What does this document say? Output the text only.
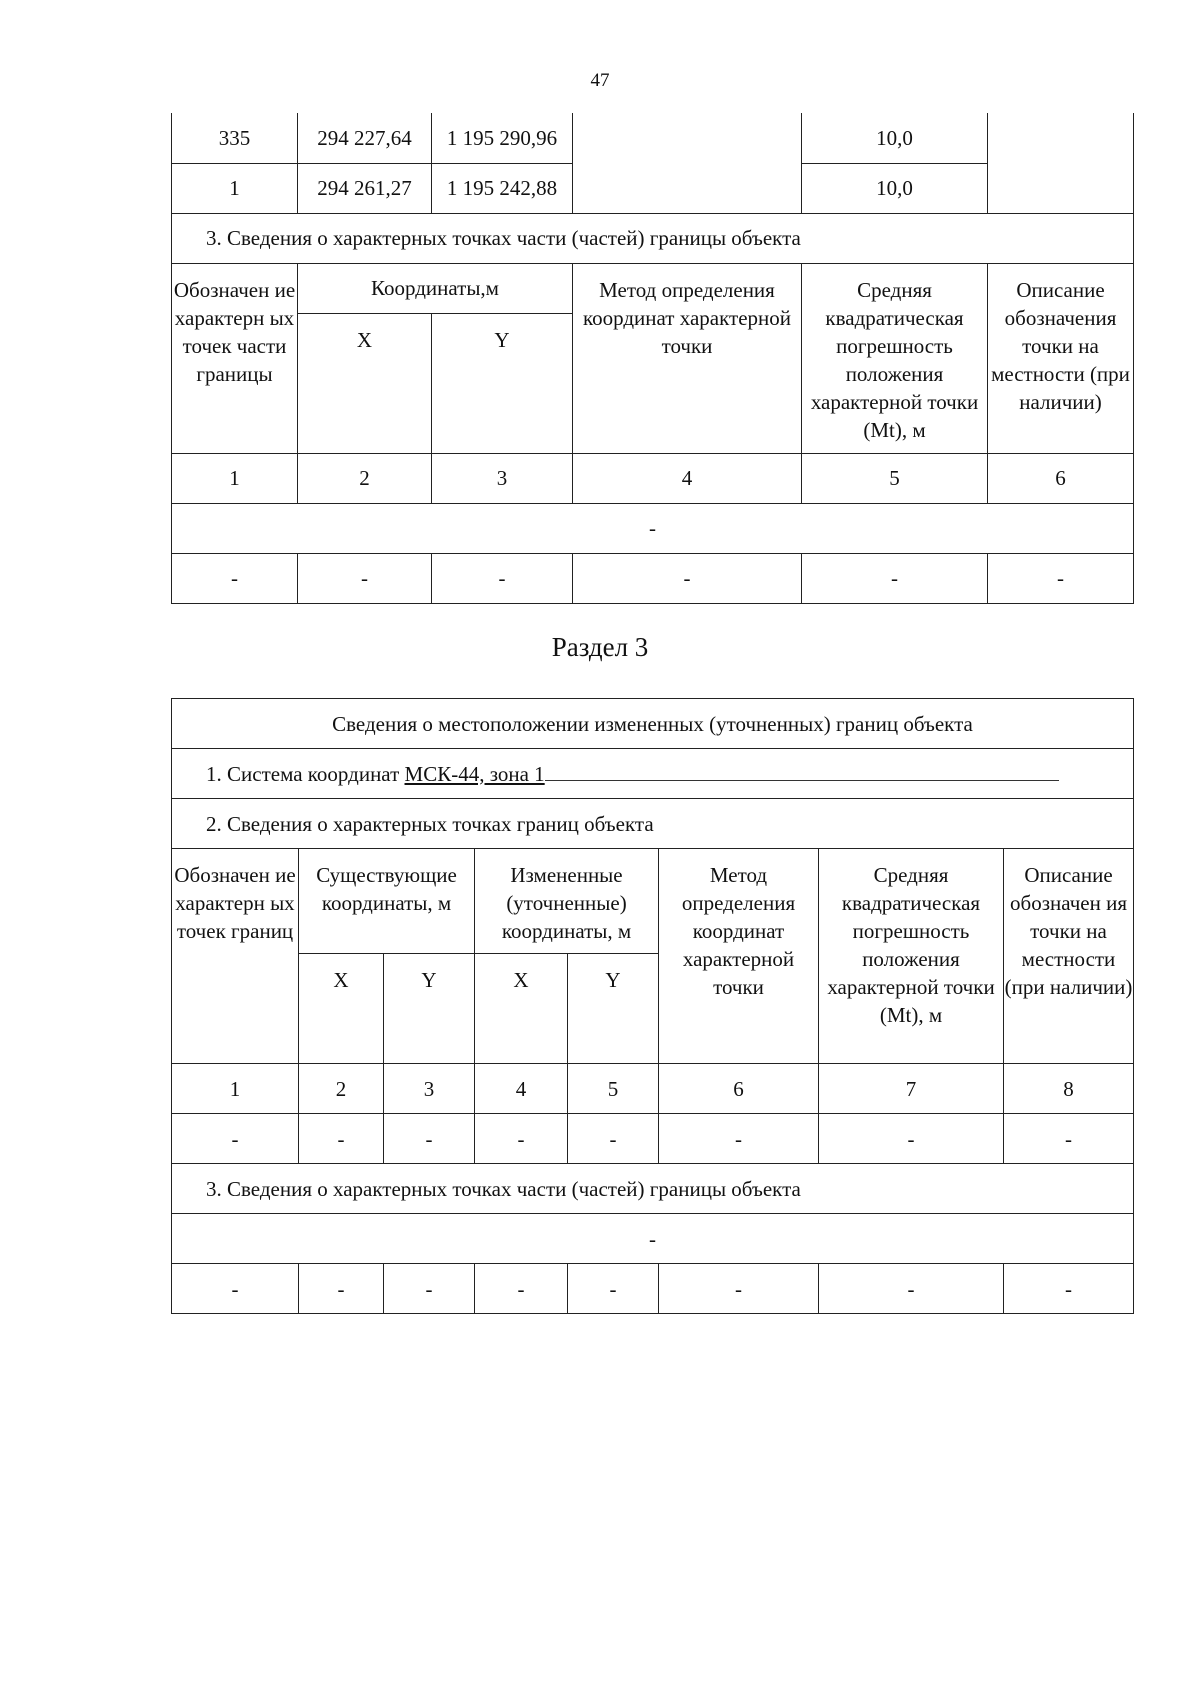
47
335	294 227,64	1 195 290,96		10,0	
1	294 261,27	1 195 242,88		10,0	
3. Сведения о характерных точках части (частей) границы объекта					
Обозначен ие характерн ых точек части границы	Координаты,м		Метод определения координат характерной точки	Средняя квадратическая погрешность положения характерной точки (Mt), м	Описание обозначения точки на местности (при наличии)
	X	Y			
1	2	3	4	5	6
-					
-	-	-	-	-	-
Раздел 3
Сведения о местоположении измененных (уточненных) границ объекта							
1. Система координат МСК-44, зона 1							
2. Сведения о характерных точках границ объекта							
Обозначен ие характерн ых точек границ	Существующие координаты, м		Измененные (уточненные) координаты, м		Метод определения координат характерной точки	Средняя квадратическая погрешность положения характерной точки (Mt), м	Описание обозначен ия точки на местности (при наличии)
	X	Y	X	Y			
1	2	3	4	5	6	7	8
-	-	-	-	-	-	-	-
3. Сведения о характерных точках части (частей) границы объекта							
-							
-	-	-	-	-	-	-	-
